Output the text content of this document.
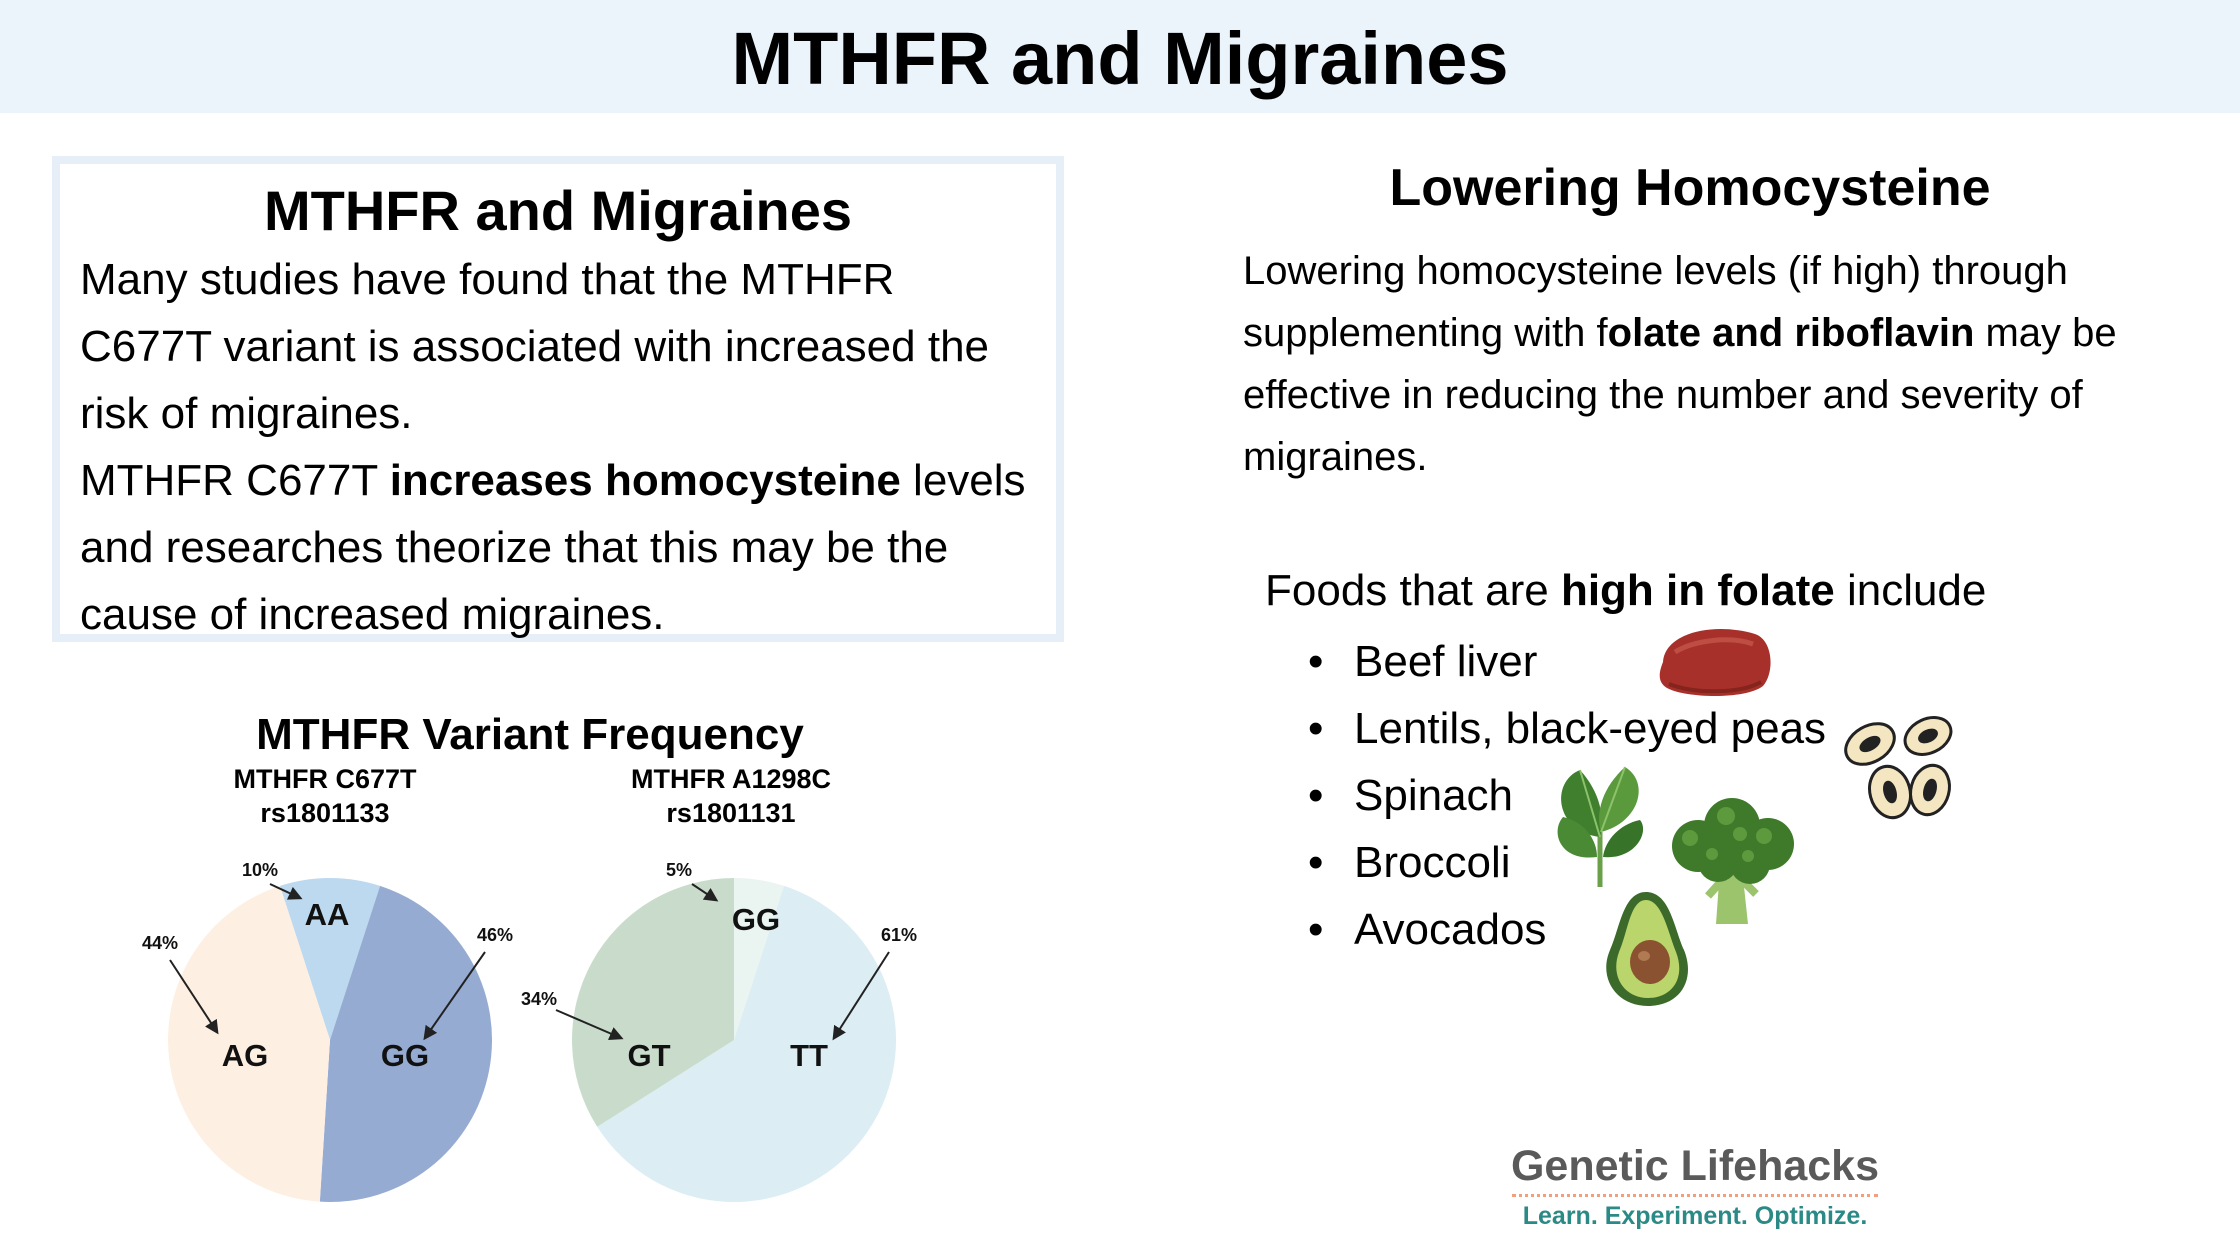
MTHFR and Migraines
MTHFR and Migraines

Many studies have found that the MTHFR C677T variant is associated with increased the risk of migraines.

MTHFR C677T increases homocysteine levels and researches theorize that this may be the cause of increased migraines.

Lowering Homocysteine

Lowering homocysteine levels (if high) through supplementing with folate and riboflavin may be effective in reducing the number and severity of migraines.

Foods that are high in folate include

• Beef liver
• Lentils, black-eyed peas
• Spinach
• Broccoli
• Avocados
MTHFR Variant Frequency
MTHFR C677T
rs1801133
MTHFR A1298C
rs1801131
AA
GG
AG
10%
46%
44%
GG
TT
GT
5%
61%
34%
Genetic Lifehacks
Learn. Experiment. Optimize.
